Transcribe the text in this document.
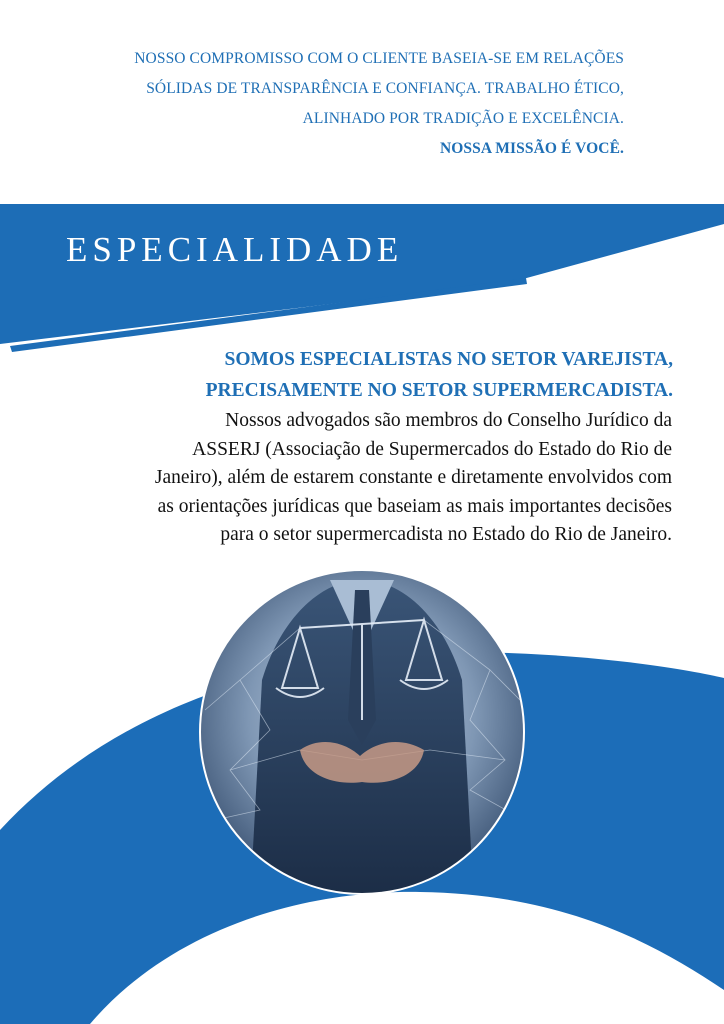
NOSSO COMPROMISSO COM O CLIENTE BASEIA-SE EM RELAÇÕES
SÓLIDAS DE TRANSPARÊNCIA E CONFIANÇA. TRABALHO ÉTICO,
ALINHADO POR TRADIÇÃO E EXCELÊNCIA.
NOSSA MISSÃO É VOCÊ.
ESPECIALIDADE
SOMOS ESPECIALISTAS NO SETOR VAREJISTA,
PRECISAMENTE NO SETOR SUPERMERCADISTA.
Nossos advogados são membros do Conselho Jurídico da
ASSERJ (Associação de Supermercados do Estado do Rio de
Janeiro), além de estarem constante e diretamente envolvidos com
as orientações jurídicas que baseiam as mais importantes decisões
para o setor supermercadista no Estado do Rio de Janeiro.
